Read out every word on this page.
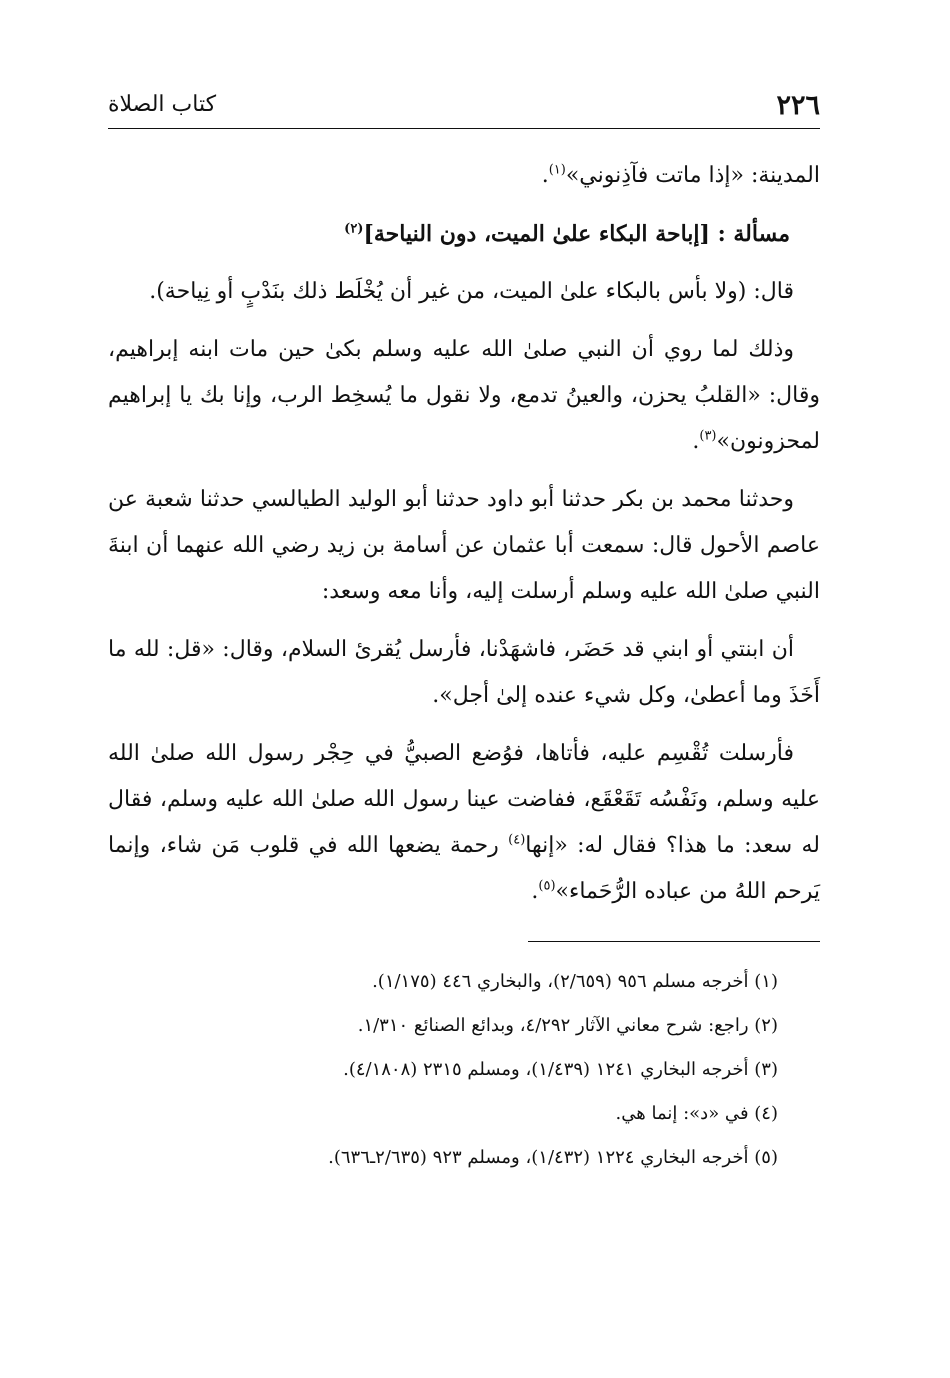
٢٢٦
كتاب الصلاة

المدينة: «إذا ماتت فآذِنوني»$^{(١)}$.

مسألة : [إباحة البكاء علىٰ الميت، دون النياحة]$^{(٢)}$

قال: (ولا بأس بالبكاء علىٰ الميت، من غير أن يُخْلَط ذلك بنَدْبٍ أو نِياحة).

وذلك لما روي أن النبي صلىٰ الله عليه وسلم بكىٰ حين مات ابنه إبراهيم، وقال: «القلبُ يحزن، والعينُ تدمع، ولا نقول ما يُسخِط الرب، وإنا بك يا إبراهيم لمحزونون»$^{(٣)}$.

وحدثنا محمد بن بكر حدثنا أبو داود حدثنا أبو الوليد الطيالسي حدثنا شعبة عن عاصم الأحول قال: سمعت أبا عثمان عن أسامة بن زيد رضي الله عنهما أن ابنةَ النبي صلىٰ الله عليه وسلم أرسلت إليه، وأنا معه وسعد:

أن ابنتي أو ابني قد حَضَر، فاشهَدْنا، فأرسل يُقرئ السلام، وقال: «قل: لله ما أَخَذَ وما أعطىٰ، وكل شيء عنده إلىٰ أجل».

فأرسلت تُقْسِم عليه، فأتاها، فوُضع الصبيُّ في حِجْر رسول الله صلىٰ الله عليه وسلم، ونَفْسُه تَقَعْقَع، ففاضت عينا رسول الله صلىٰ الله عليه وسلم، فقال له سعد: ما هذا؟ فقال له: «إنها$^{(٤)}$ رحمة يضعها الله في قلوب مَن شاء، وإنما يَرحم اللهُ من عباده الرُّحَماء»$^{(٥)}$.

(١) أخرجه مسلم ٩٥٦ (٢/٦٥٩)، والبخاري ٤٤٦ (١/١٧٥).
(٢) راجع: شرح معاني الآثار ٤/٢٩٢، وبدائع الصنائع ١/٣١٠.
(٣) أخرجه البخاري ١٢٤١ (١/٤٣٩)، ومسلم ٢٣١٥ (٤/١٨٠٨).
(٤) في «د»: إنما هي.
(٥) أخرجه البخاري ١٢٢٤ (١/٤٣٢)، ومسلم ٩٢٣ (٢/٦٣٥ـ٦٣٦).
